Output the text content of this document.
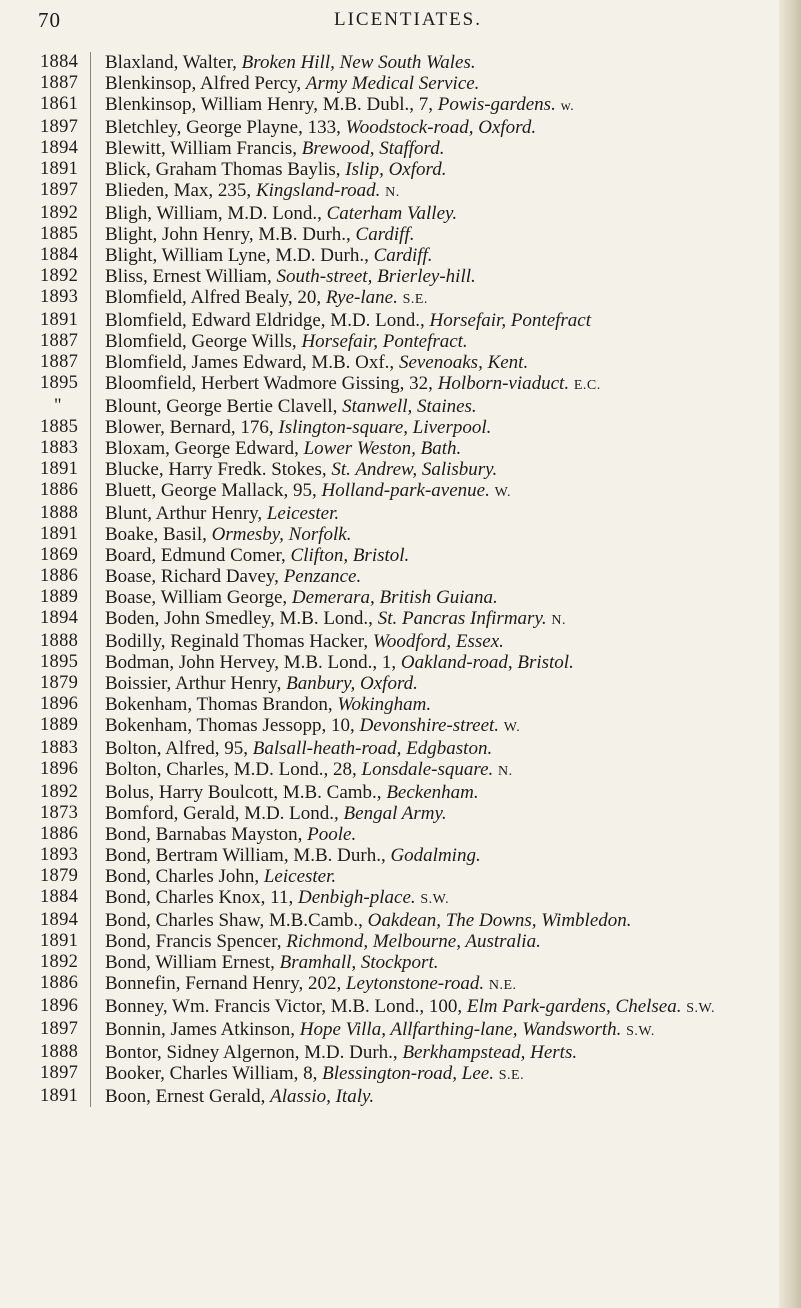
70	LICENTIATES.
1884	Blaxland, Walter, Broken Hill, New South Wales.
1887	Blenkinsop, Alfred Percy, Army Medical Service.
1861	Blenkinsop, William Henry, M.B. Dubl., 7, Powis-gardens. w.
1897	Bletchley, George Playne, 133, Woodstock-road, Oxford.
1894	Blewitt, William Francis, Brewood, Stafford.
1891	Blick, Graham Thomas Baylis, Islip, Oxford.
1897	Blieden, Max, 235, Kingsland-road. N.
1892	Bligh, William, M.D. Lond., Caterham Valley.
1885	Blight, John Henry, M.B. Durh., Cardiff.
1884	Blight, William Lyne, M.D. Durh., Cardiff.
1892	Bliss, Ernest William, South-street, Brierley-hill.
1893	Blomfield, Alfred Bealy, 20, Rye-lane. S.E.
1891	Blomfield, Edward Eldridge, M.D. Lond., Horsefair, Pontefract
1887	Blomfield, George Wills, Horsefair, Pontefract.
1887	Blomfield, James Edward, M.B. Oxf., Sevenoaks, Kent.
1895	Bloomfield, Herbert Wadmore Gissing, 32, Holborn-viaduct. E.C.
"	Blount, George Bertie Clavell, Stanwell, Staines.
1885	Blower, Bernard, 176, Islington-square, Liverpool.
1883	Bloxam, George Edward, Lower Weston, Bath.
1891	Blucke, Harry Fredk. Stokes, St. Andrew, Salisbury.
1886	Bluett, George Mallack, 95, Holland-park-avenue. W.
1888	Blunt, Arthur Henry, Leicester.
1891	Boake, Basil, Ormesby, Norfolk.
1869	Board, Edmund Comer, Clifton, Bristol.
1886	Boase, Richard Davey, Penzance.
1889	Boase, William George, Demerara, British Guiana.
1894	Boden, John Smedley, M.B. Lond., St. Pancras Infirmary. N.
1888	Bodilly, Reginald Thomas Hacker, Woodford, Essex.
1895	Bodman, John Hervey, M.B. Lond., 1, Oakland-road, Bristol.
1879	Boissier, Arthur Henry, Banbury, Oxford.
1896	Bokenham, Thomas Brandon, Wokingham.
1889	Bokenham, Thomas Jessopp, 10, Devonshire-street. W.
1883	Bolton, Alfred, 95, Balsall-heath-road, Edgbaston.
1896	Bolton, Charles, M.D. Lond., 28, Lonsdale-square. N.
1892	Bolus, Harry Boulcott, M.B. Camb., Beckenham.
1873	Bomford, Gerald, M.D. Lond., Bengal Army.
1886	Bond, Barnabas Mayston, Poole.
1893	Bond, Bertram William, M.B. Durh., Godalming.
1879	Bond, Charles John, Leicester.
1884	Bond, Charles Knox, 11, Denbigh-place. S.W.
1894	Bond, Charles Shaw, M.B.Camb., Oakdean, The Downs, Wimbledon.
1891	Bond, Francis Spencer, Richmond, Melbourne, Australia.
1892	Bond, William Ernest, Bramhall, Stockport.
1886	Bonnefin, Fernand Henry, 202, Leytonstone-road. N.E.
1896	Bonney, Wm. Francis Victor, M.B. Lond., 100, Elm Park-gardens, Chelsea. S.W.
1897	Bonnin, James Atkinson, Hope Villa, Allfarthing-lane, Wandsworth. S.W.
1888	Bontor, Sidney Algernon, M.D. Durh., Berkhampstead, Herts.
1897	Booker, Charles William, 8, Blessington-road, Lee. S.E.
1891	Boon, Ernest Gerald, Alassio, Italy.
